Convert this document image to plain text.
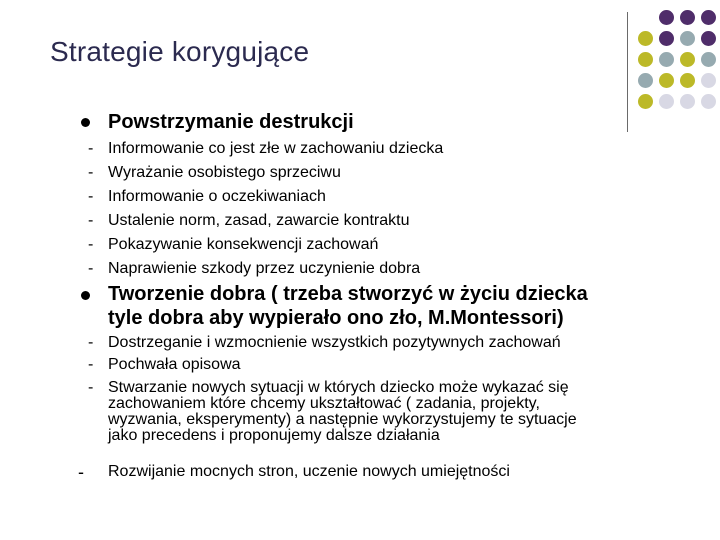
Strategie korygujące
Powstrzymanie destrukcji
- Informowanie co jest złe w zachowaniu dziecka
- Wyrażanie osobistego sprzeciwu
- Informowanie o oczekiwaniach
- Ustalenie norm, zasad, zawarcie kontraktu
- Pokazywanie konsekwencji zachowań
- Naprawienie szkody przez uczynienie dobra
Tworzenie dobra ( trzeba stworzyć w życiu dziecka
tyle dobra aby wypierało ono zło, M.Montessori)
- Dostrzeganie i wzmocnienie wszystkich pozytywnych zachowań
- Pochwała opisowa
- Stwarzanie nowych sytuacji w których dziecko może wykazać się
zachowaniem które chcemy ukształtować ( zadania, projekty,
wyzwania, eksperymenty) a następnie wykorzystujemy te sytuacje
jako precedens i proponujemy dalsze działania
- Rozwijanie mocnych stron, uczenie nowych umiejętności
